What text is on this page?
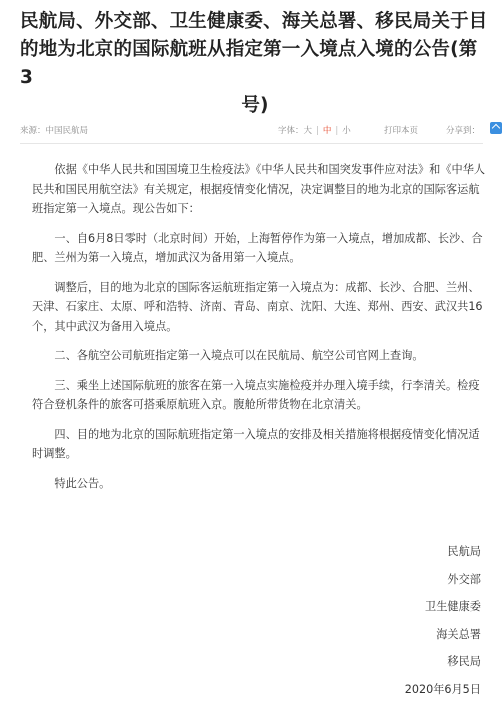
民航局、外交部、卫生健康委、海关总署、移民局关于目
的地为北京的国际航班从指定第一入境点入境的公告(第3
号)
来源：中国民航局	字体：大 | 中 | 小	打印本页	分享到：

依据《中华人民共和国国境卫生检疫法》《中华人民共和国突发事件应对法》和《中华人民共和国民用航空法》有关规定，根据疫情变化情况，决定调整目的地为北京的国际客运航班指定第一入境点。现公告如下：

一、自6月8日零时（北京时间）开始，上海暂停作为第一入境点，增加成都、长沙、合肥、兰州为第一入境点，增加武汉为备用第一入境点。

调整后，目的地为北京的国际客运航班指定第一入境点为：成都、长沙、合肥、兰州、天津、石家庄、太原、呼和浩特、济南、青岛、南京、沈阳、大连、郑州、西安、武汉共16个，其中武汉为备用入境点。

二、各航空公司航班指定第一入境点可以在民航局、航空公司官网上查询。

三、乘坐上述国际航班的旅客在第一入境点实施检疫并办理入境手续，行李清关。检疫符合登机条件的旅客可搭乘原航班入京。腹舱所带货物在北京清关。

四、目的地为北京的国际航班指定第一入境点的安排及相关措施将根据疫情变化情况适时调整。

特此公告。

民航局
外交部
卫生健康委
海关总署
移民局
2020年6月5日
